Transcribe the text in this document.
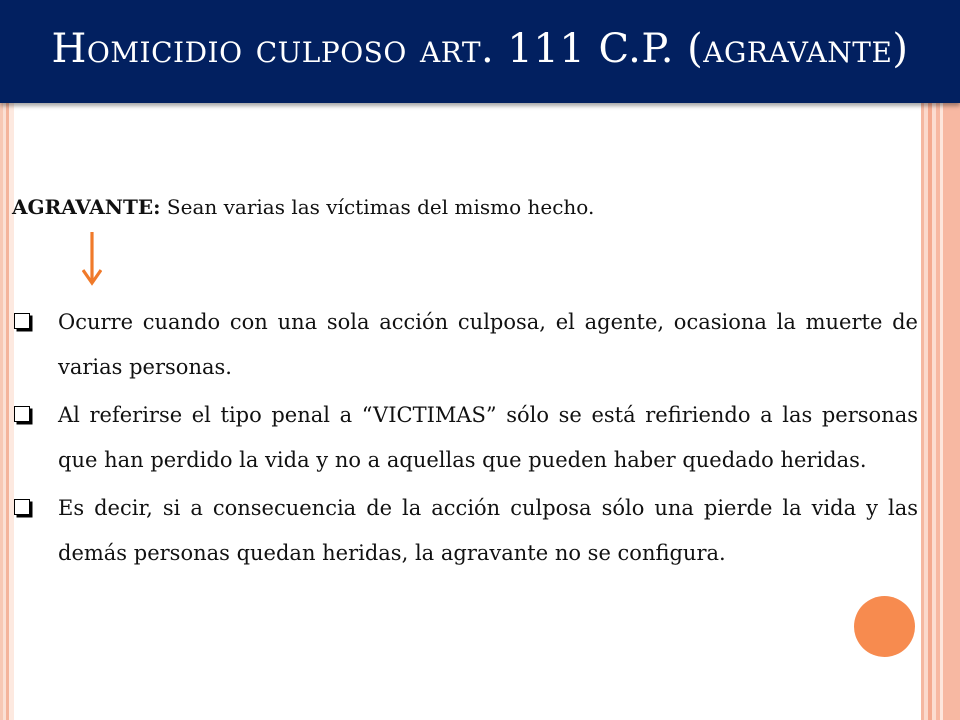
Homicidio culposo art. 111 C.P. (agravante)

AGRAVANTE: Sean varias las víctimas del mismo hecho.

Ocurre cuando con una sola acción culposa, el agente, ocasiona la muerte de varias personas.
Al referirse el tipo penal a “VICTIMAS” sólo se está refiriendo a las personas que han perdido la vida y no a aquellas que pueden haber quedado heridas.
Es decir, si a consecuencia de la acción culposa sólo una pierde la vida y las demás personas quedan heridas, la agravante no se configura.
